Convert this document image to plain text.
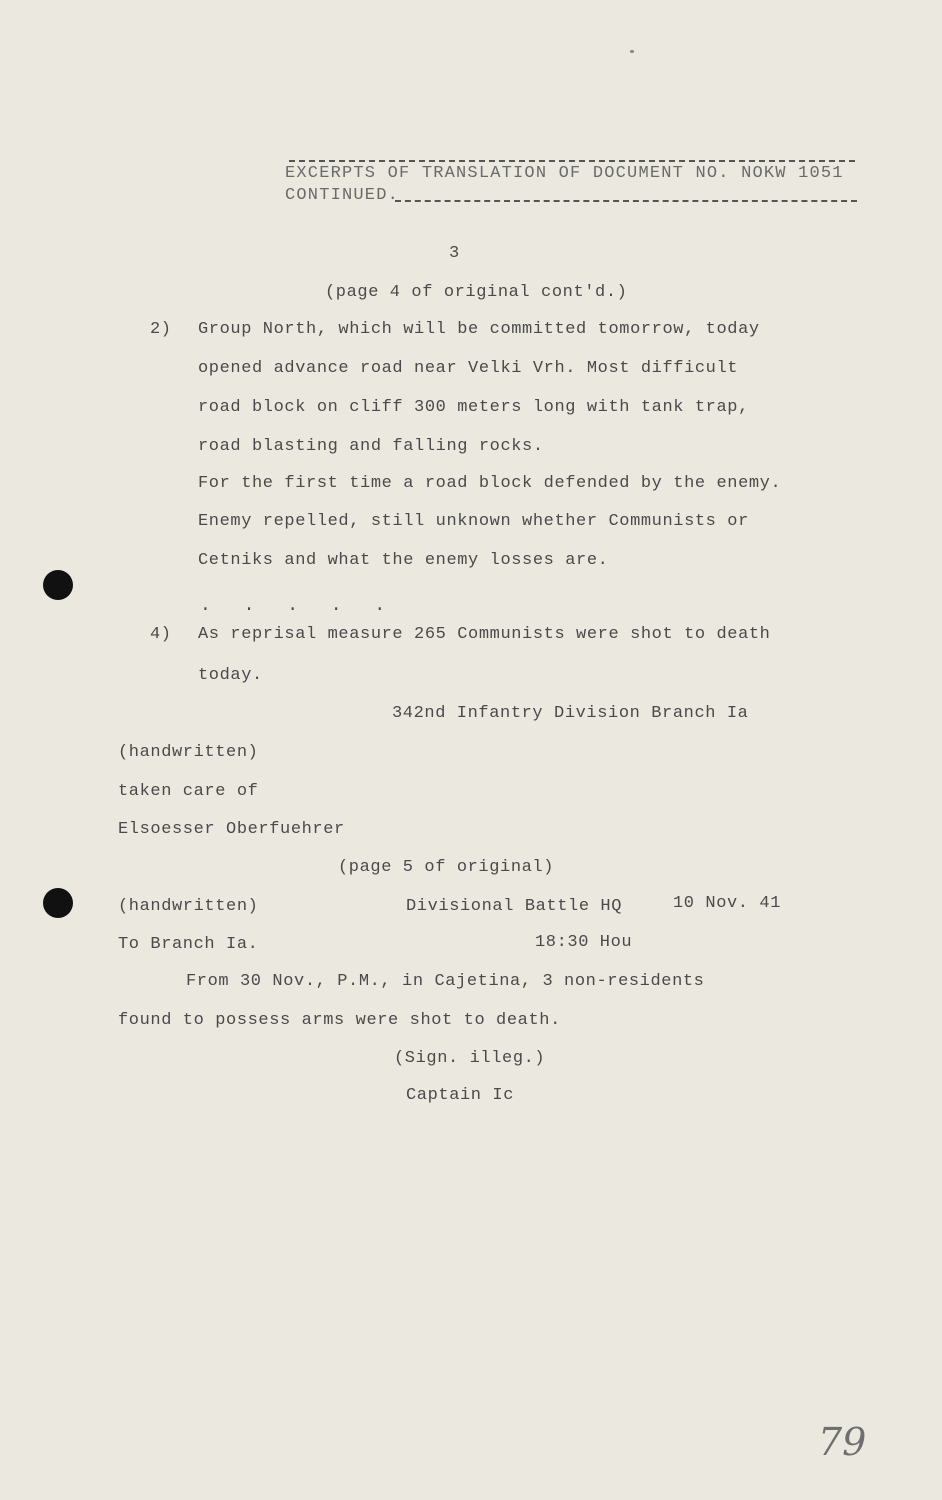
EXCERPTS OF TRANSLATION OF DOCUMENT NO. NOKW 1051
CONTINUED.
3
(page 4 of original cont'd.)
2) Group North, which will be committed tomorrow, today
opened advance road near Velki Vrh. Most difficult
road block on cliff 300 meters long with tank trap,
road blasting and falling rocks.
For the first time a road block defended by the enemy.
Enemy repelled, still unknown whether Communists or
Cetniks and what the enemy losses are.
. . . . .
4) As reprisal measure 265 Communists were shot to death
today.
342nd Infantry Division Branch Ia
(handwritten)
taken care of
Elsoesser Oberfuehrer
(page 5 of original)
(handwritten)	Divisional Battle HQ	10 Nov. 41
To Branch Ia.	18:30 Hou
From 30 Nov., P.M., in Cajetina, 3 non-residents
found to possess arms were shot to death.
(Sign. illeg.)
Captain Ic
79
